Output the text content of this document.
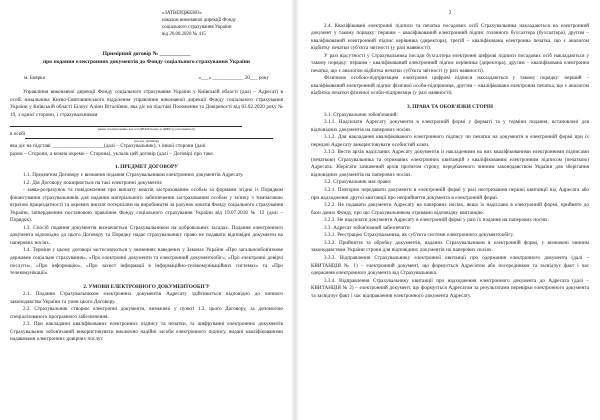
«ЗАТВЕРДЖЕНО»

наказом виконавчої дирекції Фонду

соціального страхування України

від 26.08.2020 № 415

Примірний договір № ___________

про подання електронних документів до Фонду соціального страхування України

м. Боярка	«___» ____________ 20___ року

Управління виконавчої дирекції Фонду соціального страхування України у Київській області (далі – Адресат) в особі начальника Києво-Святошинського відділення управління виконавчої дирекції Фонду соціального страхування України у Київській області Білоус Аліни Віталіївни, яка діє на підставі Положення та Довіреності від 03.02.2020 року № 19, з однієї сторони, і страхувальником

(назва страхувальника, код за ЄДРПОУ/номер за ДРФО (у разі наявності)

в особі

(посада, прізвище)

яка діє на підставі ____________________(далі – Страхувальник), з іншої сторони (далі

разом – Сторони, а кожна окремо – Сторона), уклали цей договір (далі – Договір) про таке.

1. ПРЕДМЕТ ДОГОВОРУ

1.1. Предметом Договору є визнання подання Страхувальником електронних документів Адресату.

1.2. Дія Договору поширюється на такі електронні документи:

- заява-розрахунок та повідомлення про виплату коштів застрахованим особам за формами згідно із Порядком фінансування страхувальників для надання матеріального забезпечення застрахованим особам у зв'язку з тимчасовою втратою працездатності та окремих виплат потерпілим на виробництві за рахунок коштів Фонду соціального страхування України, затвердженим постановою правління Фонду соціального страхування України від 19.07.2018 № 12 (далі – Порядок).

1.3. Спосіб подання документів визначається Страхувальником на добровільних засадах. Подання електронного документа відповідно до цього Договору та Порядку надає страхувальнику право не подавати відповідні документи на паперових носіях.

1.4. Терміни у цьому договорі застосовуються у значеннях наведених у Законах України «Про загальнообов'язкове державне соціальне страхування», «Про електронні документи та електронний документообіг», «Про електронні довірчі послуги», «Про інформацію», «Про захист інформації в інформаційно-телекомунікаційних системах» та «Про телекомунікації».

2. УМОВИ ЕЛЕКТРОННОГО ДОКУМЕНТООБІГУ

2.1. Подання Страхувальником електронних документів Адресату здійснюється відповідно до чинного законодавства України та умов цього Договору.

2.2. Страхувальник створює електронні документи, визначені у пункті 1.2. цього Договору, за допомогою спеціалізованого програмного забезпечення.

2.3. При накладанні кваліфікованих електронних підпису та печатки, та шифруванні електронних документів Страхувальник зобов'язаний використовувати виключно надійні засоби електронного підпису, видані кваліфікованими надавачами електронних довірчих послуг.

2

2.4. Кваліфіковані електронні підписи та печатка посадових осіб Страхувальника накладаються на електронний документ у такому порядку: першим – кваліфікований електронний підпис головного бухгалтера (бухгалтера), другим – кваліфікований електронний підпис керівника (директора), третій – кваліфікована електронна печатка, що є аналогом відбитку печатки суб'єкта звітності (у разі наявності).

У разі відсутності у Страхувальника посади бухгалтера електронні цифрові підписи посадових осіб накладаються у такому порядку: першим - кваліфікований електронний підпис керівника (директора), другим – кваліфікована електронна печатка, що є аналогом відбитка печатки суб'єкта звітності (у разі наявності).

Фізичною особою-підприємцем електронні цифрові підписи накладаються у такому порядку: перший – кваліфікований електронний підпис фізичної особи-підприємця, другим – кваліфікована електронна печатка, що є аналогом відбитка печатки фізичної особи-підприємця (у разі наявності).

3. ПРАВА ТА ОБОВ'ЯЗКИ СТОРІН

3.1. Страхувальник зобов'язаний:

3.1.1. Надсилати Адресату документи в електронній формі у форматі та у терміни подання, встановлені для відповідних документів на паперових носіях.

3.1.2. Для накладання кваліфікованого електронного підпису чи печатки на документи в електронній формі при їх передачі Адресату використовувати особистий ключ.

3.1.3. Вести архів надісланих Адресату документів із накладеними на них кваліфікованими електронними підписами (печаткою) Страхувальника та отриманих електронних квитанцій з кваліфікованим електронним підписом (печаткою) Адресата. Зберігати зазначений архів протягом строку, передбаченого чинним законодавством України для зберігання відповідних документів на паперових носіях.

3.2. Страхувальник має право:

3.2.1. Повторно передавати документи в електронній формі у разі неотримання першої квитанції від Адресата або при надходженні другої квитанції про неприйняття документа в електронній формі.

3.2.2. Не подавати документи Адресату на паперових носіях, якщо їх надіслано в електронній формі, прийнято до бази даних Фонду, про що Страхувальником отримано відповідну квитанцію.

3.2.3. Не надсилати документи Адресату в електронній формі у разі їх подання на паперових носіях.

3.3. Адресат зобов'язаний забезпечити:

3.3.1. Реєстрацію Страхувальника, як суб'єкта системи електронного документообігу.

3.3.2. Прийняття та обробку документів, наданих Страхувальником в електронній формі, у визначені чинним законодавством України строки для відповідних документів на паперових носіях.

3.3.3. Відправлення Страхувальнику електронної квитанції про одержання електронного документа (далі – КВИТАНЦІЯ № 1) – електронний документ, що формується Адресатом або посередником та засвідчує факт і час одержання електронного документа від Страхувальника.

3.3.4. Відправлення Страхувальнику квитанції про надходження електронного документа до Адресата (далі – КВИТАНЦІЯ № 2) – електронний документ, що формується Адресатом за результатами перевірки електронного документа та засвідчує факт і час відправлення електронного документа Адресату.
